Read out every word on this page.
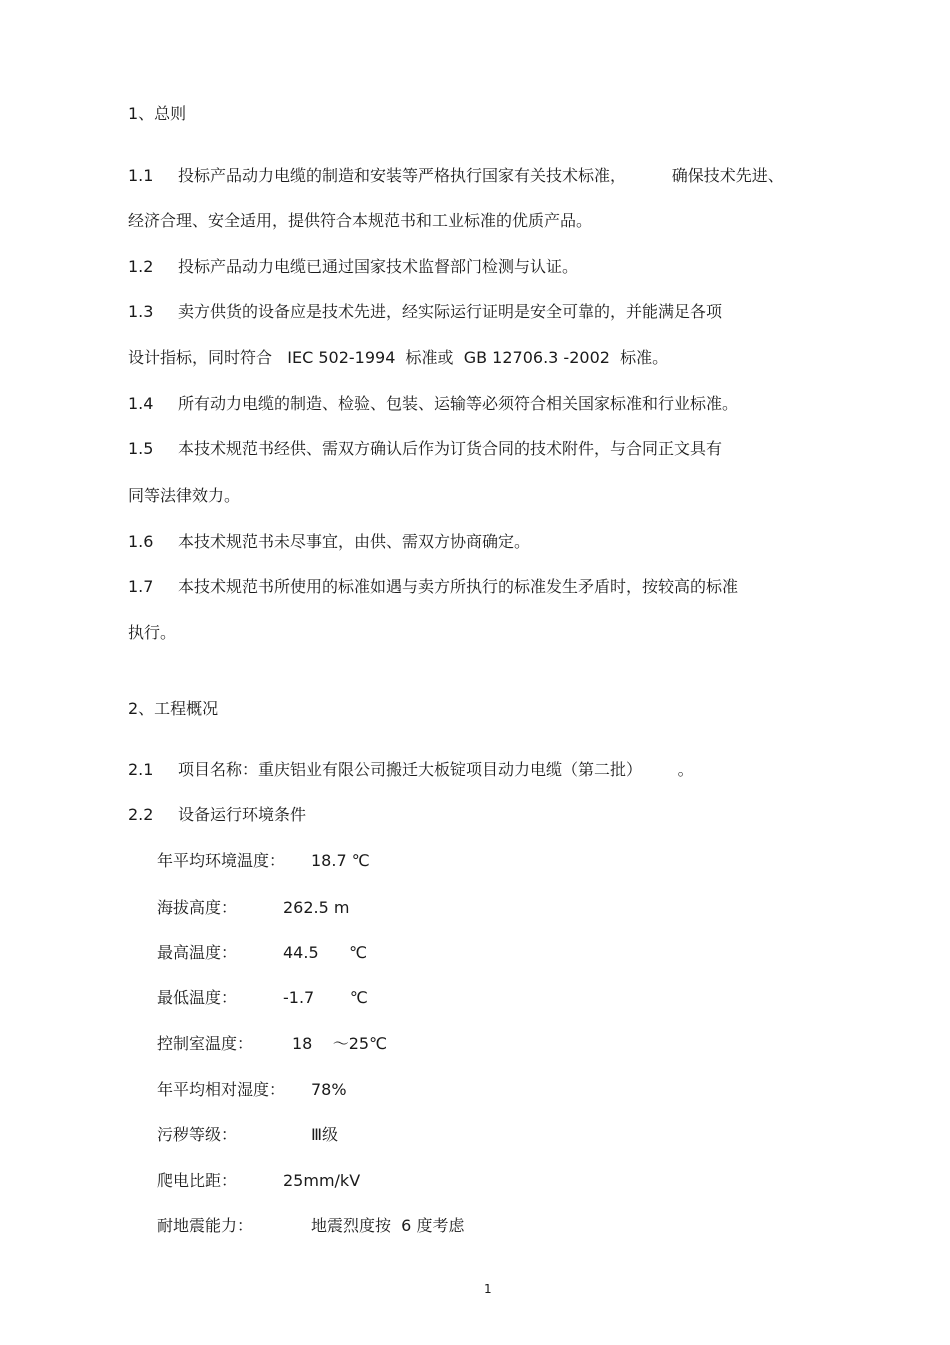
1、总则
1.1 投标产品动力电缆的制造和安装等严格执行国家有关技术标准，         确保技术先进、
经济合理、安全适用，提供符合本规范书和工业标准的优质产品。
1.2 投标产品动力电缆已通过国家技术监督部门检测与认证。
1.3 卖方供货的设备应是技术先进，经实际运行证明是安全可靠的，并能满足各项
设计指标，同时符合   IEC 502-1994  标准或  GB 12706.3 -2002  标准。
1.4 所有动力电缆的制造、检验、包装、运输等必须符合相关国家标准和行业标准。
1.5 本技术规范书经供、需双方确认后作为订货合同的技术附件，与合同正文具有
同等法律效力。
1.6 本技术规范书未尽事宜，由供、需双方协商确定。
1.7 本技术规范书所使用的标准如遇与卖方所执行的标准发生矛盾时，按较高的标准
执行。
2、工程概况
2.1 项目名称：重庆铝业有限公司搬迁大板锭项目动力电缆（第二批）       。
2.2 设备运行环境条件
年平均环境温度： 18.7 ℃
海拔高度：	262.5 m
最高温度：	44.5      ℃
最低温度：	-1.7       ℃
控制室温度： 18    ～25℃
年平均相对湿度： 78%
污秽等级：	Ⅲ级
爬电比距：	25mm/kV
耐地震能力：	地震烈度按  6 度考虑
1
